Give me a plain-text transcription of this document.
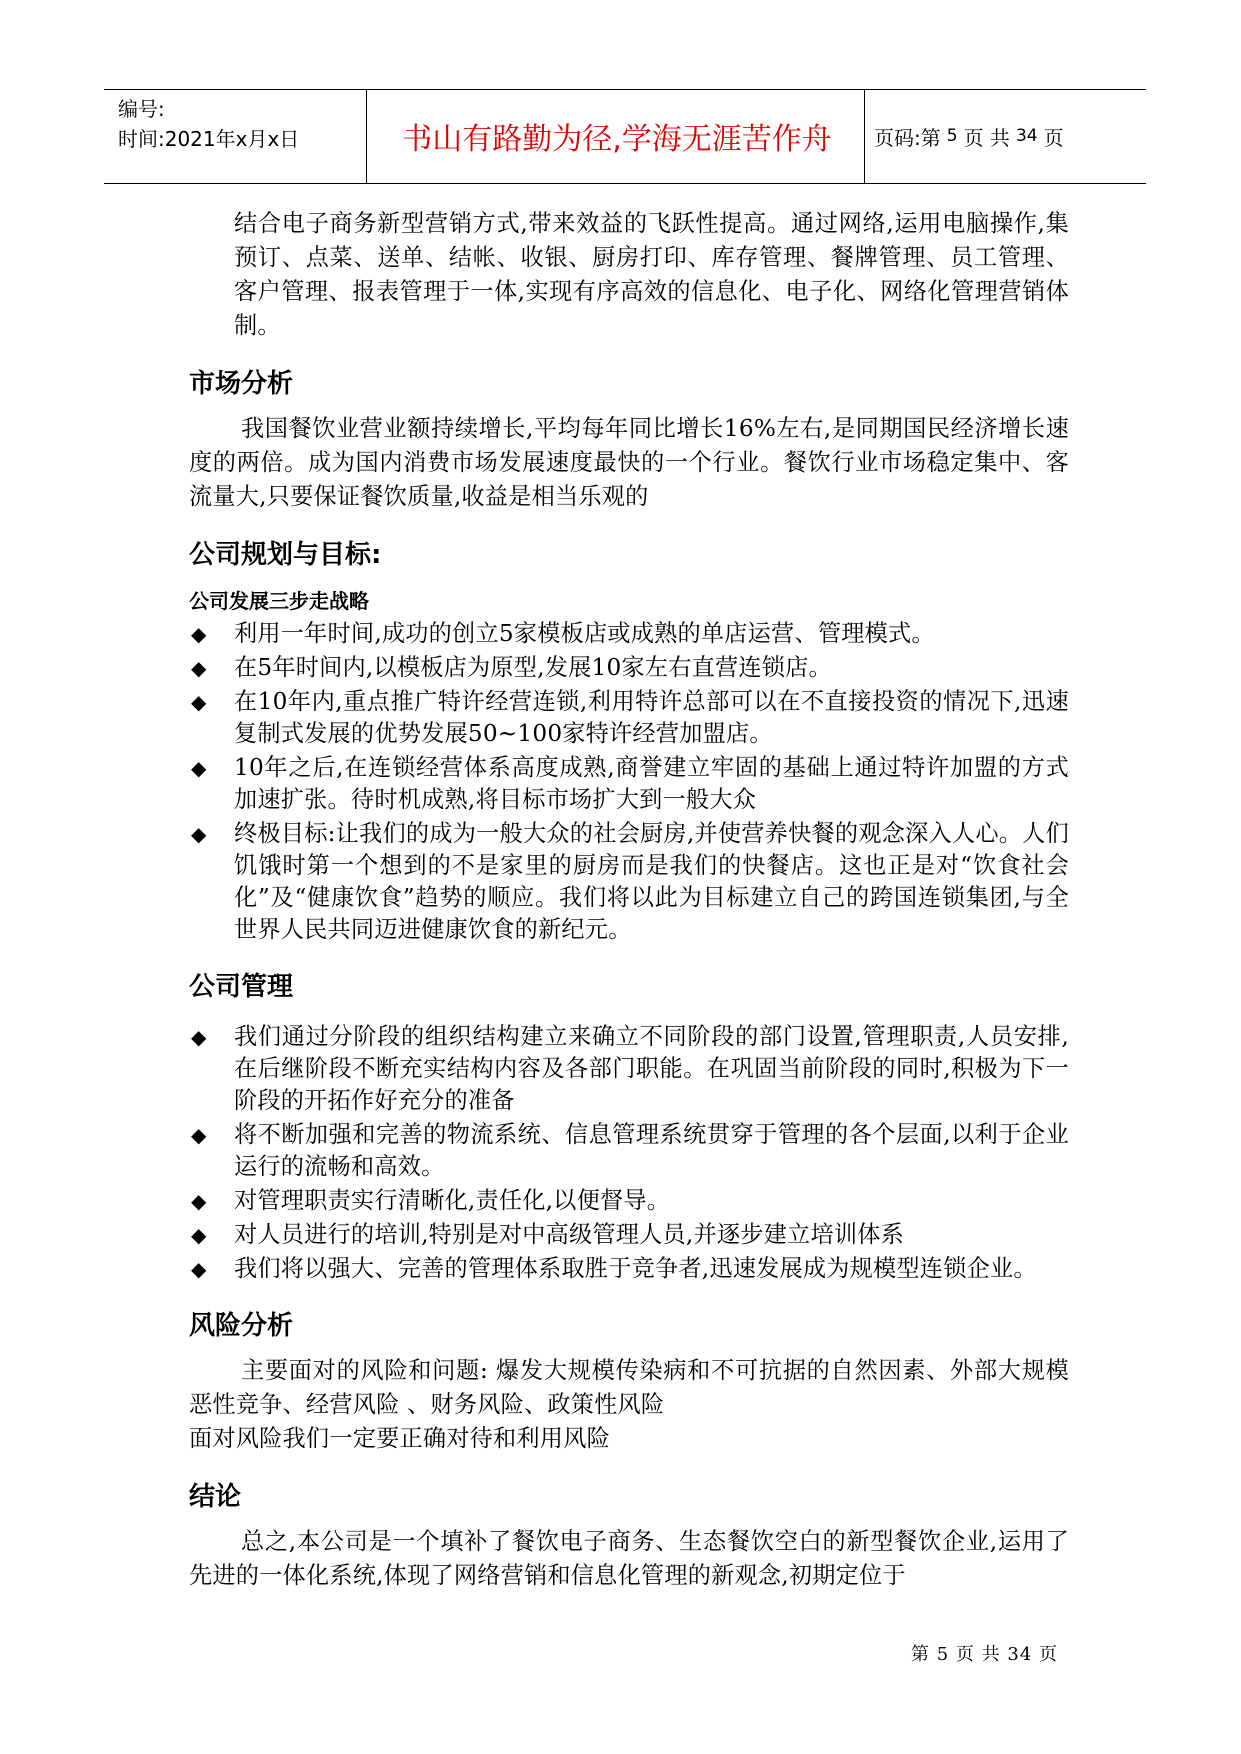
编号:
时间:2021年x月x日	书山有路勤为径,学海无涯苦作舟	页码:第 5 页 共 34 页
结合电子商务新型营销方式,带来效益的飞跃性提高。通过网络,运用电脑操作,集预订、点菜、送单、结帐、收银、厨房打印、库存管理、餐牌管理、员工管理、客户管理、报表管理于一体,实现有序高效的信息化、电子化、网络化管理营销体制。
市场分析
我国餐饮业营业额持续增长,平均每年同比增长16%左右,是同期国民经济增长速度的两倍。成为国内消费市场发展速度最快的一个行业。餐饮行业市场稳定集中、客流量大,只要保证餐饮质量,收益是相当乐观的
公司规划与目标:
公司发展三步走战略
◆ 利用一年时间,成功的创立5家模板店或成熟的单店运营、管理模式。
◆ 在5年时间内,以模板店为原型,发展10家左右直营连锁店。
◆ 在10年内,重点推广特许经营连锁,利用特许总部可以在不直接投资的情况下,迅速复制式发展的优势发展50~100家特许经营加盟店。
◆ 10年之后,在连锁经营体系高度成熟,商誉建立牢固的基础上通过特许加盟的方式加速扩张。待时机成熟,将目标市场扩大到一般大众
◆ 终极目标:让我们的成为一般大众的社会厨房,并使营养快餐的观念深入人心。人们饥饿时第一个想到的不是家里的厨房而是我们的快餐店。这也正是对“饮食社会化”及“健康饮食”趋势的顺应。我们将以此为目标建立自己的跨国连锁集团,与全世界人民共同迈进健康饮食的新纪元。
公司管理
◆ 我们通过分阶段的组织结构建立来确立不同阶段的部门设置,管理职责,人员安排,在后继阶段不断充实结构内容及各部门职能。在巩固当前阶段的同时,积极为下一阶段的开拓作好充分的准备
◆ 将不断加强和完善的物流系统、信息管理系统贯穿于管理的各个层面,以利于企业运行的流畅和高效。
◆ 对管理职责实行清晰化,责任化,以便督导。
◆ 对人员进行的培训,特别是对中高级管理人员,并逐步建立培训体系
◆ 我们将以强大、完善的管理体系取胜于竞争者,迅速发展成为规模型连锁企业。
风险分析
主要面对的风险和问题: 爆发大规模传染病和不可抗据的自然因素、外部大规模恶性竞争、经营风险 、财务风险、政策性风险
面对风险我们一定要正确对待和利用风险
结论
总之,本公司是一个填补了餐饮电子商务、生态餐饮空白的新型餐饮企业,运用了先进的一体化系统,体现了网络营销和信息化管理的新观念,初期定位于
第 5 页 共 34 页
